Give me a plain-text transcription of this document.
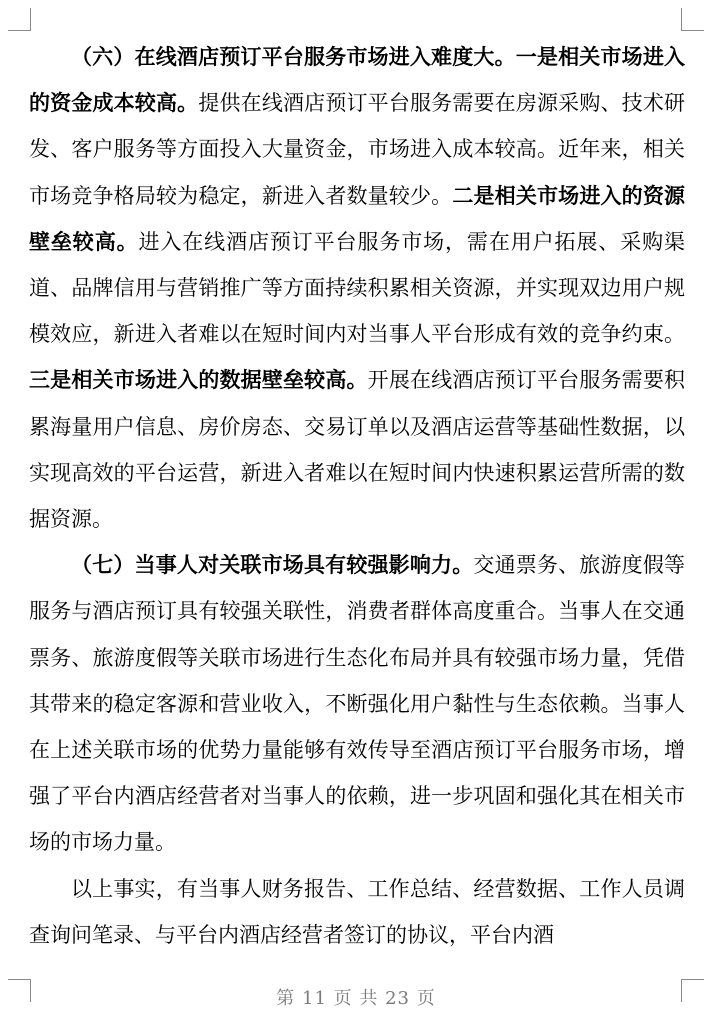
（六）在线酒店预订平台服务市场进入难度大。一是相关市场进入的资金成本较高。提供在线酒店预订平台服务需要在房源采购、技术研发、客户服务等方面投入大量资金，市场进入成本较高。近年来，相关市场竞争格局较为稳定，新进入者数量较少。二是相关市场进入的资源壁垒较高。进入在线酒店预订平台服务市场，需在用户拓展、采购渠道、品牌信用与营销推广等方面持续积累相关资源，并实现双边用户规模效应，新进入者难以在短时间内对当事人平台形成有效的竞争约束。三是相关市场进入的数据壁垒较高。开展在线酒店预订平台服务需要积累海量用户信息、房价房态、交易订单以及酒店运营等基础性数据，以实现高效的平台运营，新进入者难以在短时间内快速积累运营所需的数据资源。

（七）当事人对关联市场具有较强影响力。交通票务、旅游度假等服务与酒店预订具有较强关联性，消费者群体高度重合。当事人在交通票务、旅游度假等关联市场进行生态化布局并具有较强市场力量，凭借其带来的稳定客源和营业收入，不断强化用户黏性与生态依赖。当事人在上述关联市场的优势力量能够有效传导至酒店预订平台服务市场，增强了平台内酒店经营者对当事人的依赖，进一步巩固和强化其在相关市场的市场力量。

以上事实，有当事人财务报告、工作总结、经营数据、工作人员调查询问笔录、与平台内酒店经营者签订的协议，平台内酒

第 11 页 共 23 页
